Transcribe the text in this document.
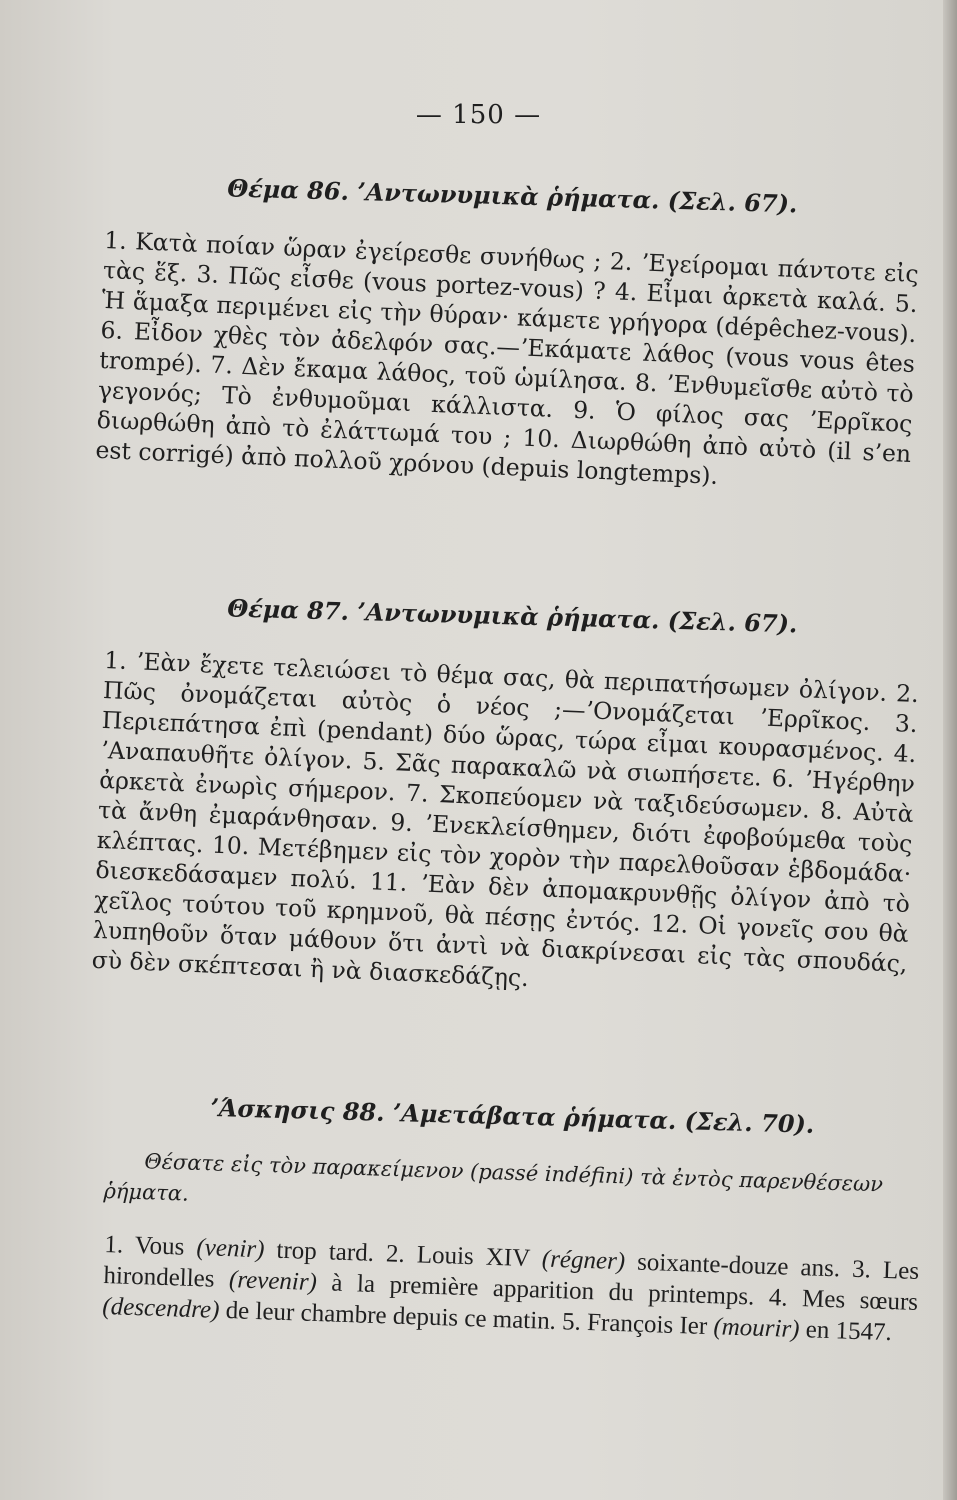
— 150 —
Θέμα 86. ʼΑντωνυμικὰ ῥήματα. (Σελ. 67).

1. Κατὰ ποίαν ὥραν ἐγείρεσθε συνήθως ; 2. ʼΕγείρομαι πάντοτε εἰς τὰς ἕξ. 3. Πῶς εἶσθε (vous portez-vous) ? 4. Εἶμαι ἀρκετὰ καλά. 5. Ἡ ἅμαξα περιμένει εἰς τὴν θύραν· κάμετε γρήγορα (dépêchez-vous). 6. Εἶδον χθὲς τὸν ἀδελφόν σας.—ʼΕκάματε λάθος (vous vous êtes trompé). 7. Δὲν ἔκαμα λάθος, τοῦ ὡμίλησα. 8. ʼΕνθυμεῖσθε αὐτὸ τὸ γεγονός; Τὸ ἐνθυμοῦμαι κάλλιστα. 9. Ὁ φίλος σας ʼΕρρῖκος διωρθώθη ἀπὸ τὸ ἐλάττωμά του ; 10. Διωρθώθη ἀπὸ αὐτὸ (il s’en est corrigé) ἀπὸ πολλοῦ χρόνου (depuis longtemps).

Θέμα 87. ʼΑντωνυμικὰ ῥήματα. (Σελ. 67).

1. ʼΕὰν ἔχετε τελειώσει τὸ θέμα σας, θὰ περιπατήσωμεν ὀλίγον. 2. Πῶς ὀνομάζεται αὐτὸς ὁ νέος ;—ʼΟνομάζεται ʼΕρρῖκος. 3. Περιεπάτησα ἐπὶ (pendant) δύο ὥρας, τώρα εἶμαι κουρασμένος. 4. ʼΑναπαυθῆτε ὀλίγον. 5. Σᾶς παρακαλῶ νὰ σιωπήσετε. 6. ʼΗγέρθην ἀρκετὰ ἐνωρὶς σήμερον. 7. Σκοπεύομεν νὰ ταξιδεύσωμεν. 8. Αὐτὰ τὰ ἄνθη ἐμαράνθησαν. 9. ʼΕνεκλείσθημεν, διότι ἐφοβούμεθα τοὺς κλέπτας. 10. Μετέβημεν εἰς τὸν χορὸν τὴν παρελθοῦσαν ἑβδομάδα· διεσκεδάσαμεν πολύ. 11. ʼΕὰν δὲν ἀπομακρυνθῇς ὀλίγον ἀπὸ τὸ χεῖλος τούτου τοῦ κρημνοῦ, θὰ πέσῃς ἐντός. 12. Οἱ γονεῖς σου θὰ λυπηθοῦν ὅταν μάθουν ὅτι ἀντὶ νὰ διακρίνεσαι εἰς τὰς σπουδάς, σὺ δὲν σκέπτεσαι ἢ νὰ διασκεδάζῃς.

ʼΆσκησις 88. ʼΑμετάβατα ῥήματα. (Σελ. 70).

Θέσατε εἰς τὸν παρακείμενον (passé indéfini) τὰ ἐντὸς παρενθέσεων ῥήματα.

1. Vous (venir) trop tard. 2. Louis XIV (régner) soixante-douze ans. 3. Les hirondelles (revenir) à la première apparition du printemps. 4. Mes sœurs (descendre) de leur chambre depuis ce matin. 5. François Ier (mourir) en 1547.
